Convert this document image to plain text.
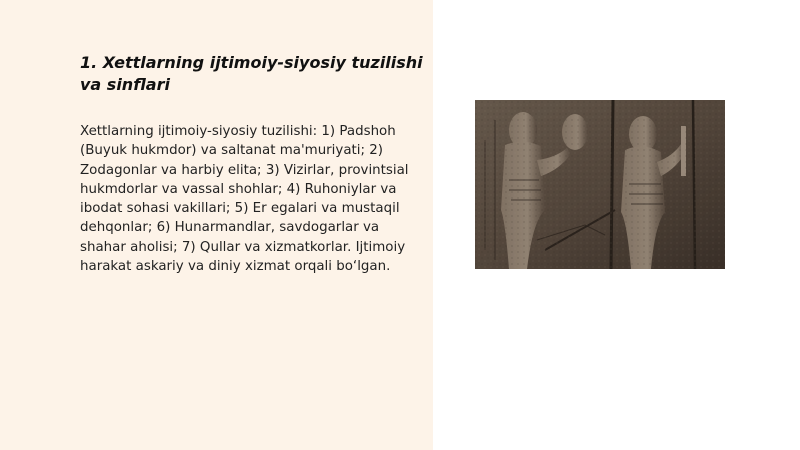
1. Xettlarning ijtimoiy-siyosiy tuzilishi va sinflari

Xettlarning ijtimoiy-siyosiy tuzilishi: 1) Padshoh (Buyuk hukmdor) va saltanat ma'muriyati; 2) Zodagonlar va harbiy elita; 3) Vizirlar, provintsial hukmdorlar va vassal shohlar; 4) Ruhoniylar va ibodat sohasi vakillari; 5) Er egalari va mustaqil dehqonlar; 6) Hunarmandlar, savdogarlar va shahar aholisi; 7) Qullar va xizmatkorlar. Ijtimoiy harakat askariy va diniy xizmat orqali bo‘lgan.
